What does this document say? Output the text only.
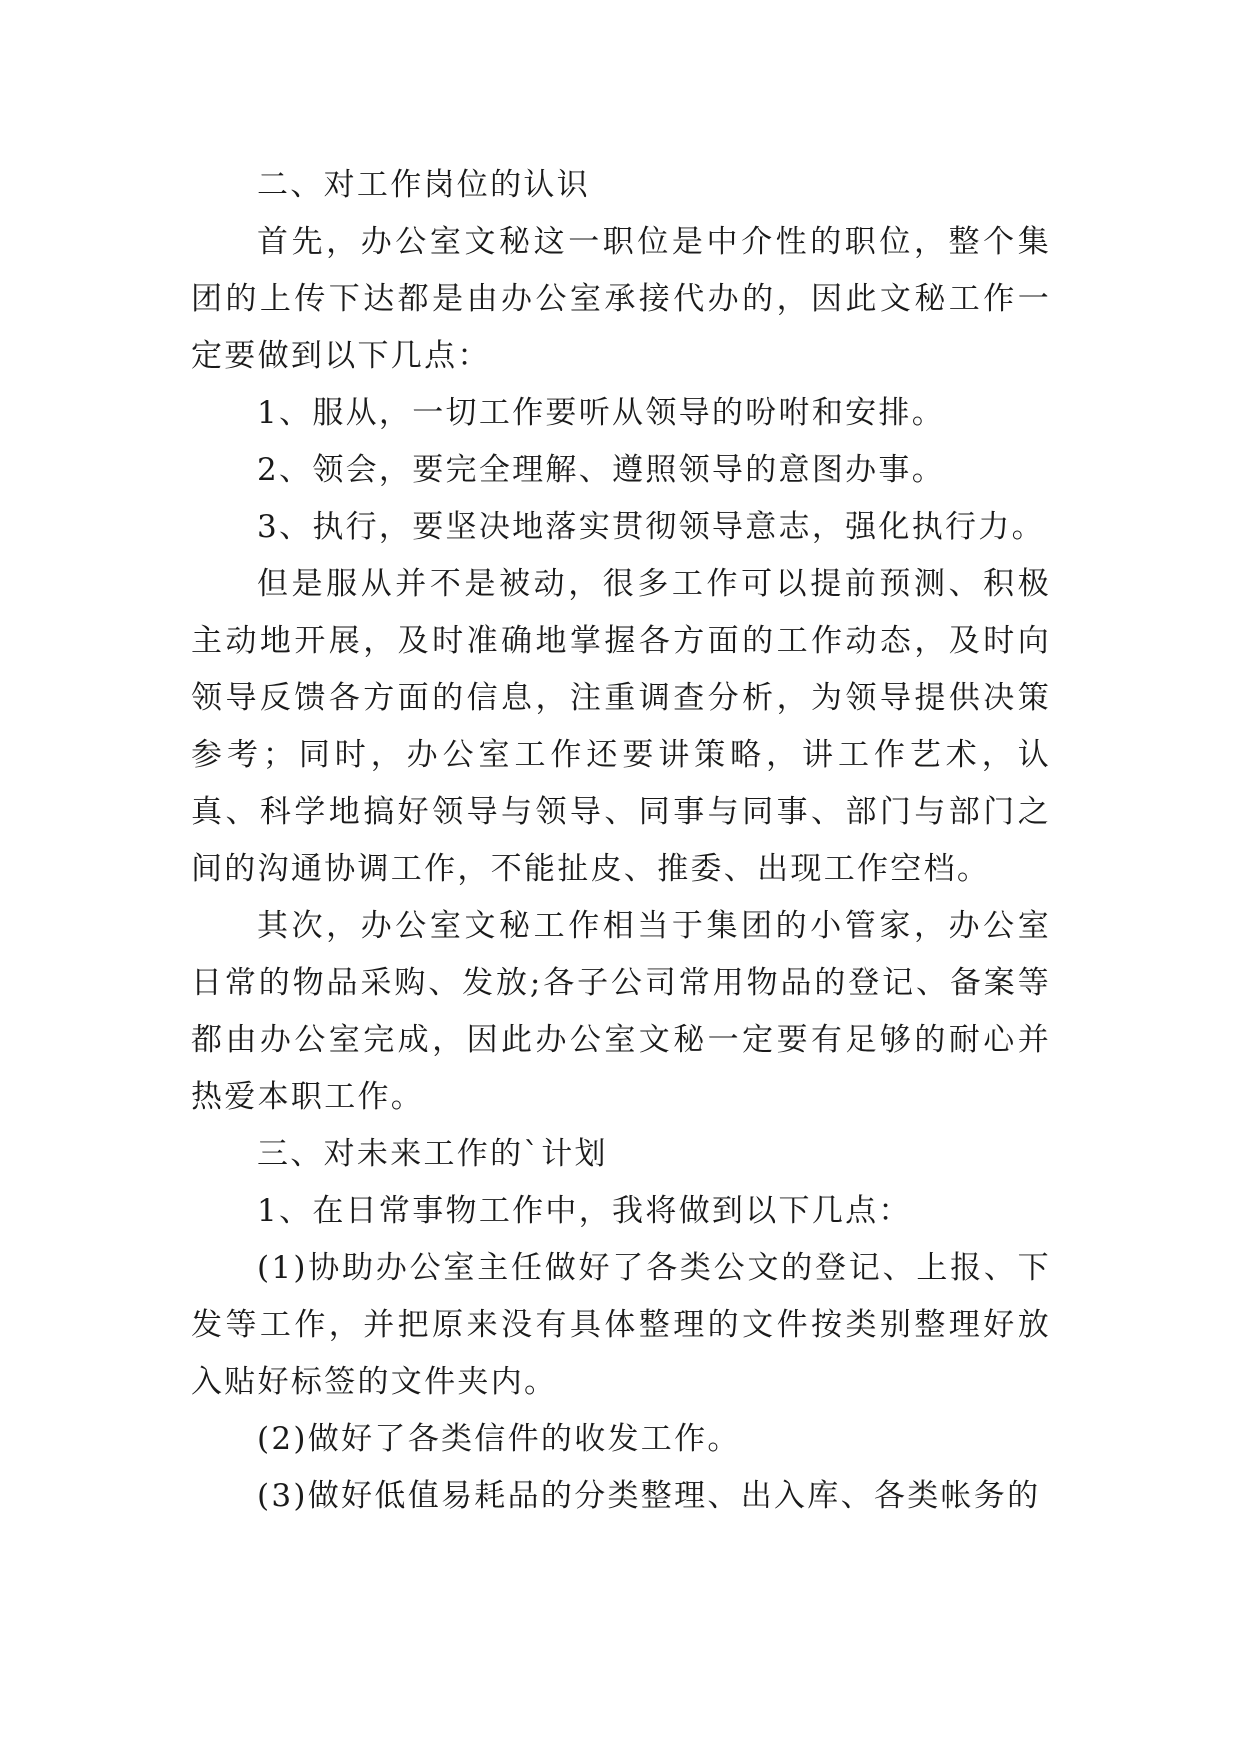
二、对工作岗位的认识

首先，办公室文秘这一职位是中介性的职位，整个集团的上传下达都是由办公室承接代办的，因此文秘工作一定要做到以下几点：

1、服从，一切工作要听从领导的吩咐和安排。

2、领会，要完全理解、遵照领导的意图办事。

3、执行，要坚决地落实贯彻领导意志，强化执行力。

但是服从并不是被动，很多工作可以提前预测、积极主动地开展，及时准确地掌握各方面的工作动态，及时向领导反馈各方面的信息，注重调查分析，为领导提供决策参考；同时，办公室工作还要讲策略，讲工作艺术，认真、科学地搞好领导与领导、同事与同事、部门与部门之间的沟通协调工作，不能扯皮、推委、出现工作空档。

其次，办公室文秘工作相当于集团的小管家，办公室日常的物品采购、发放;各子公司常用物品的登记、备案等都由办公室完成，因此办公室文秘一定要有足够的耐心并热爱本职工作。

三、对未来工作的`计划

1、在日常事物工作中，我将做到以下几点：

(1)协助办公室主任做好了各类公文的登记、上报、下发等工作，并把原来没有具体整理的文件按类别整理好放入贴好标签的文件夹内。

(2)做好了各类信件的收发工作。

(3)做好低值易耗品的分类整理、出入库、各类帐务的
